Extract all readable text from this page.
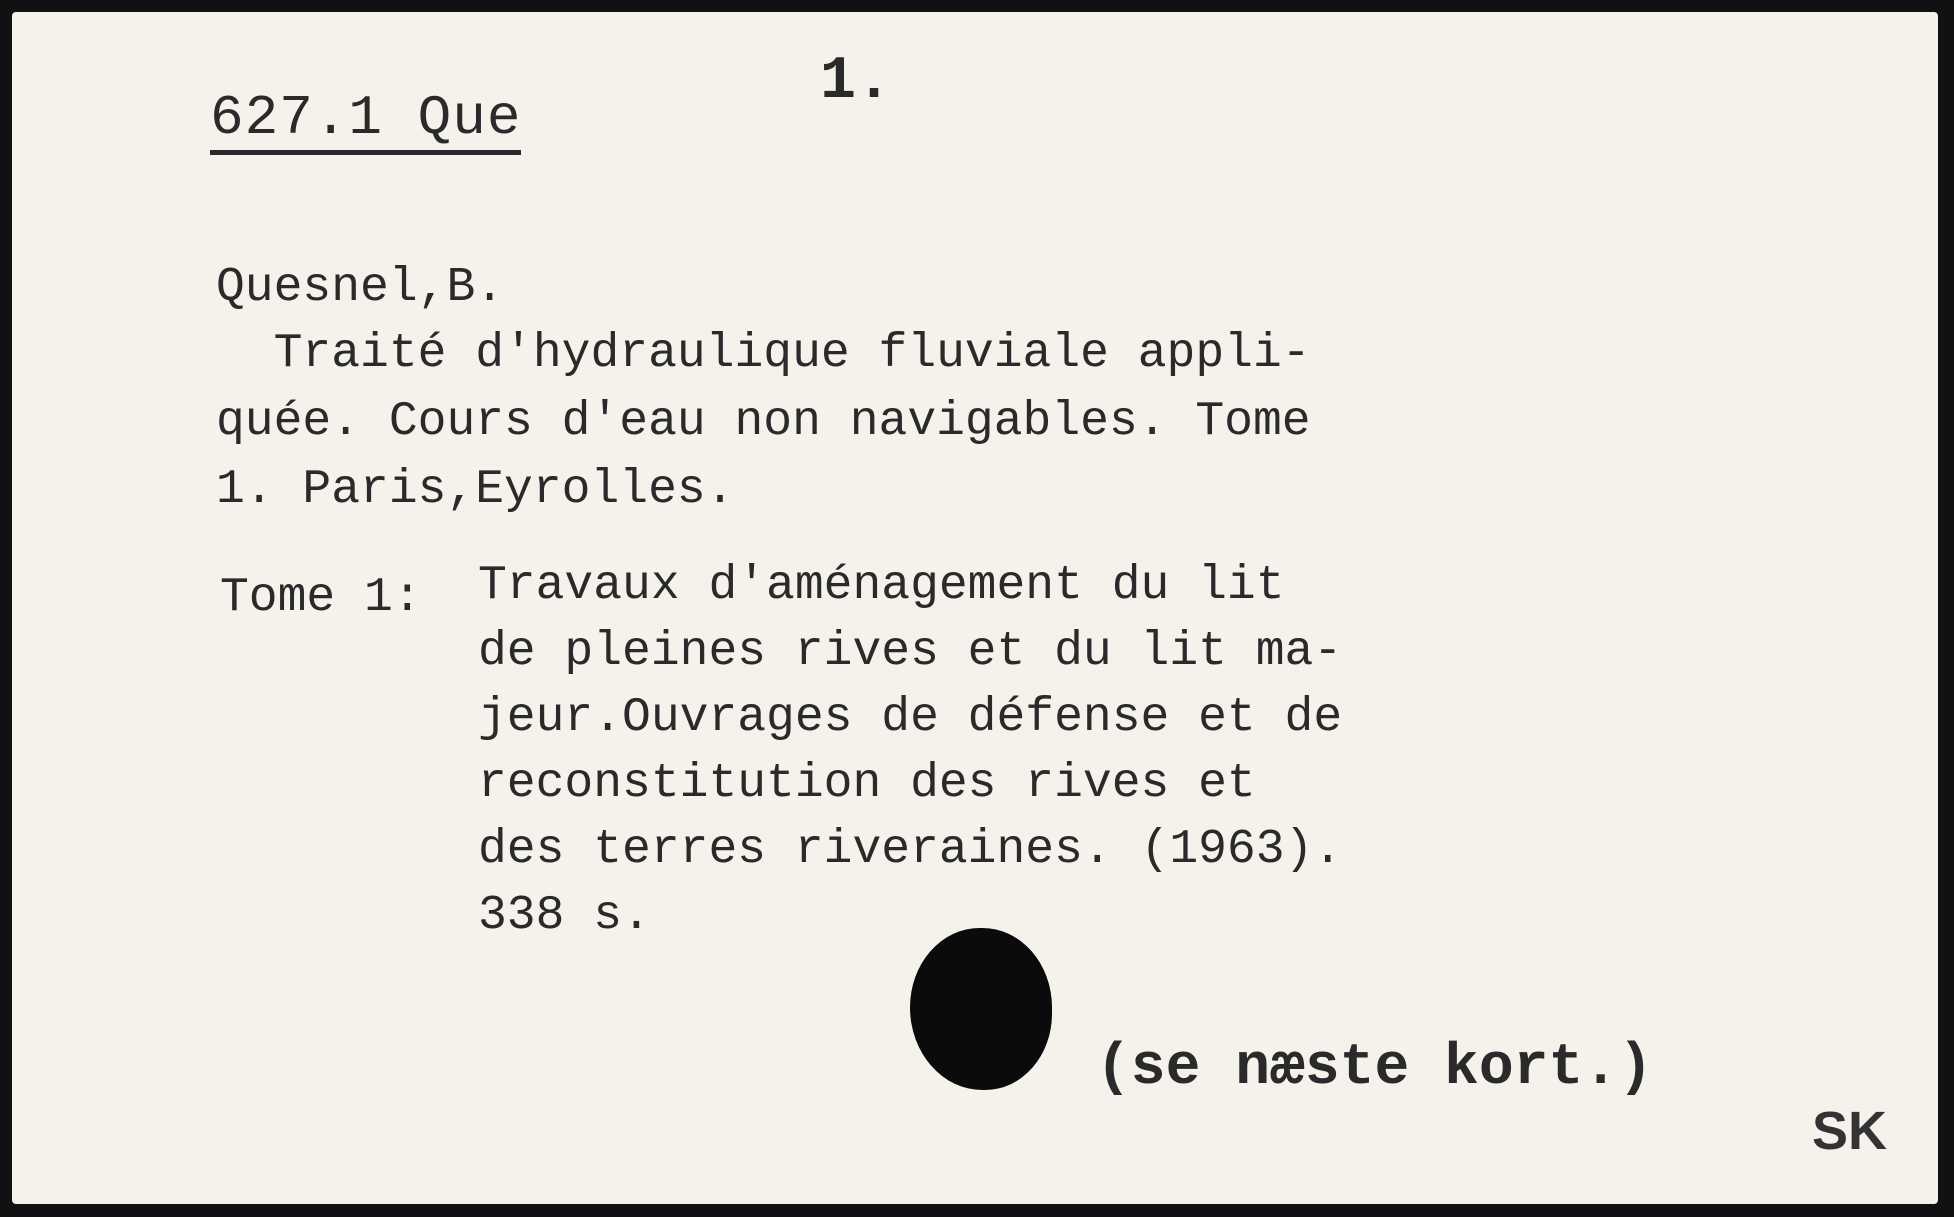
627.1 Que
1.
Quesnel,B.
Traité d'hydraulique fluviale appli-
quée. Cours d'eau non navigables. Tome
1. Paris,Eyrolles.
Tome 1: Travaux d'aménagement du lit
de pleines rives et du lit ma-
jeur.Ouvrages de défense et de
reconstitution des rives et
des terres riveraines. (1963).
338 s.
(se næste kort.)
SK
